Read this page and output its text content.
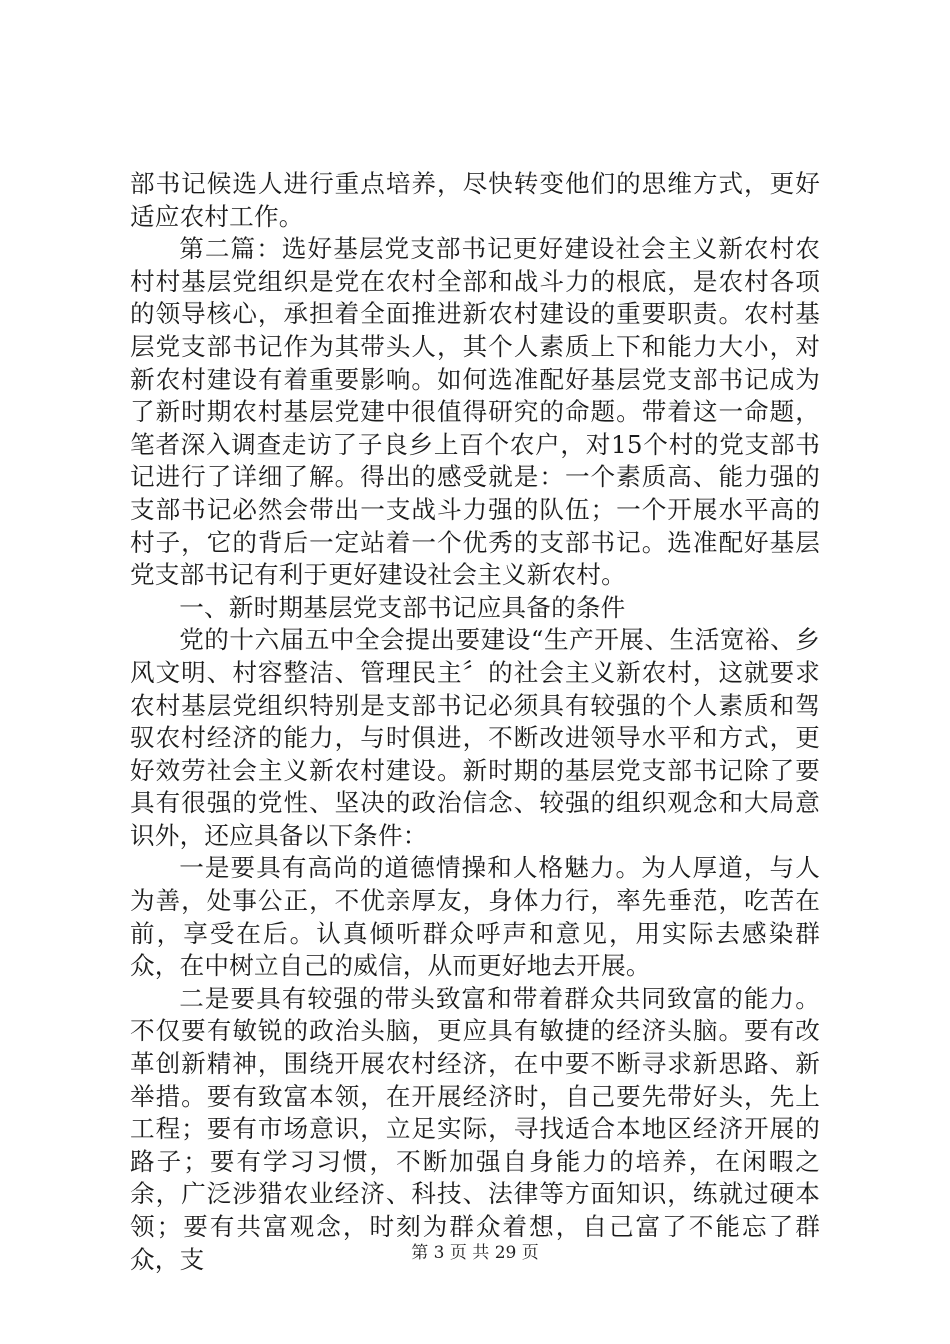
部书记候选人进行重点培养，尽快转变他们的思维方式，更好适应农村工作。

第二篇：选好基层党支部书记更好建设社会主义新农村农村村基层党组织是党在农村全部和战斗力的根底，是农村各项的领导核心，承担着全面推进新农村建设的重要职责。农村基层党支部书记作为其带头人，其个人素质上下和能力大小，对新农村建设有着重要影响。如何选准配好基层党支部书记成为了新时期农村基层党建中很值得研究的命题。带着这一命题，笔者深入调查走访了子良乡上百个农户，对15个村的党支部书记进行了详细了解。得出的感受就是：一个素质高、能力强的支部书记必然会带出一支战斗力强的队伍；一个开展水平高的村子，它的背后一定站着一个优秀的支部书记。选准配好基层党支部书记有利于更好建设社会主义新农村。

一、新时期基层党支部书记应具备的条件

党的十六届五中全会提出要建设“生产开展、生活宽裕、乡风文明、村容整洁、管理民主〞的社会主义新农村，这就要求农村基层党组织特别是支部书记必须具有较强的个人素质和驾驭农村经济的能力，与时俱进，不断改进领导水平和方式，更好效劳社会主义新农村建设。新时期的基层党支部书记除了要具有很强的党性、坚决的政治信念、较强的组织观念和大局意识外，还应具备以下条件：

一是要具有高尚的道德情操和人格魅力。为人厚道，与人为善，处事公正，不优亲厚友，身体力行，率先垂范，吃苦在前，享受在后。认真倾听群众呼声和意见，用实际去感染群众，在中树立自己的威信，从而更好地去开展。

二是要具有较强的带头致富和带着群众共同致富的能力。不仅要有敏锐的政治头脑，更应具有敏捷的经济头脑。要有改革创新精神，围绕开展农村经济，在中要不断寻求新思路、新举措。要有致富本领，在开展经济时，自己要先带好头，先上工程；要有市场意识，立足实际，寻找适合本地区经济开展的路子；要有学习习惯，不断加强自身能力的培养，在闲暇之余，广泛涉猎农业经济、科技、法律等方面知识，练就过硬本领；要有共富观念，时刻为群众着想，自己富了不能忘了群众，支	第 3 页 共 29 页
